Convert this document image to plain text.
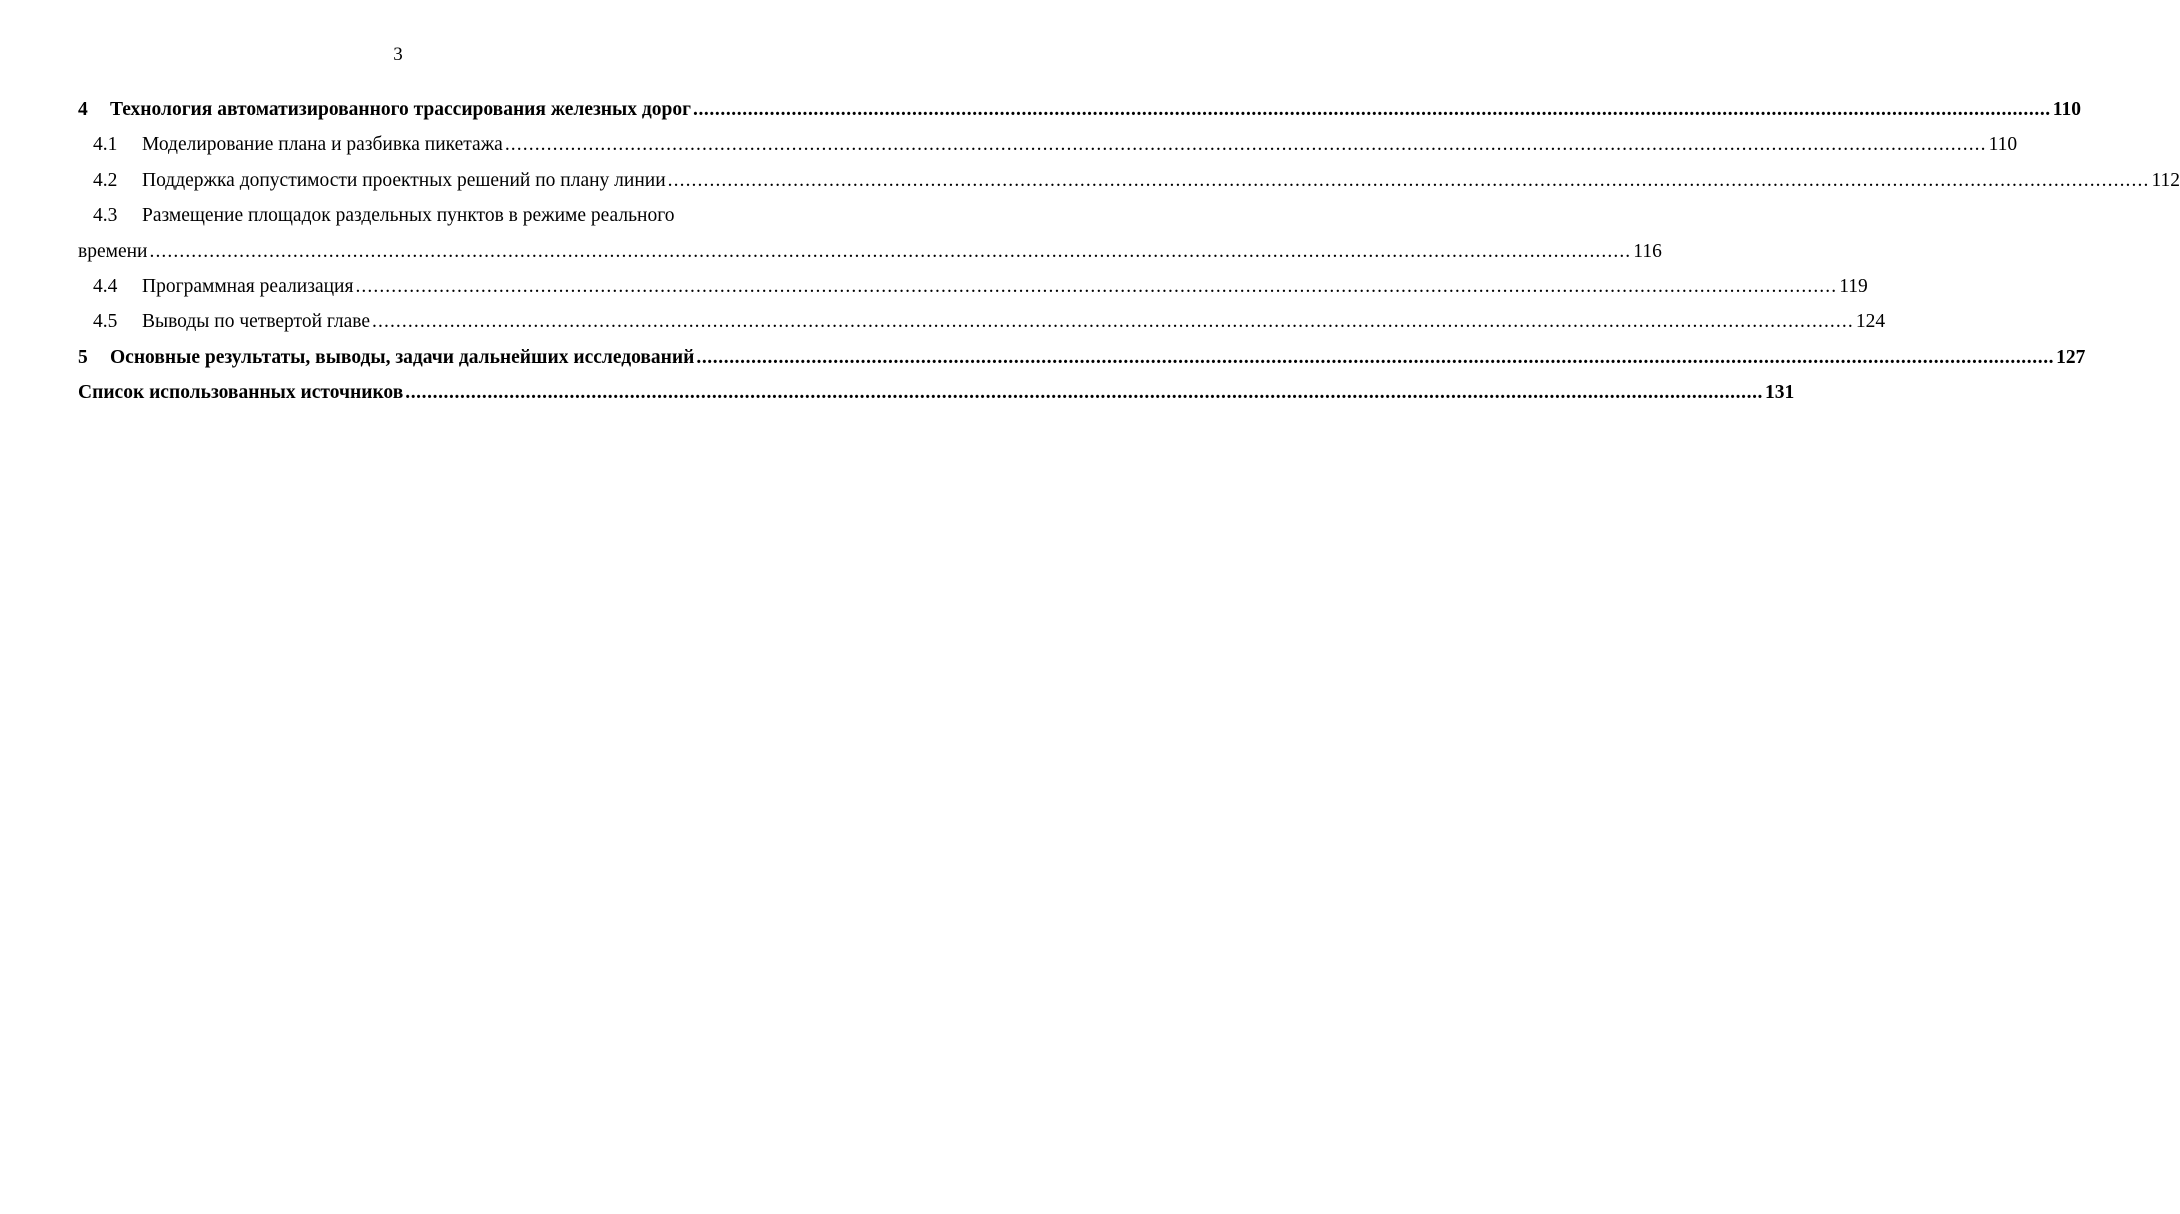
3
4	Технология автоматизированного трассирования железных дорог .....	110
4.1	Моделирование плана и разбивка пикетажа .....	110
4.2	Поддержка допустимости проектных решений по плану линии .....	112
4.3	Размещение площадок раздельных пунктов в режиме реального
времени .....	116
4.4	Программная реализация .....	119
4.5	Выводы по четвертой главе .....	124
5	Основные результаты, выводы, задачи дальнейших исследований .....	127
Список использованных источников .....	131
